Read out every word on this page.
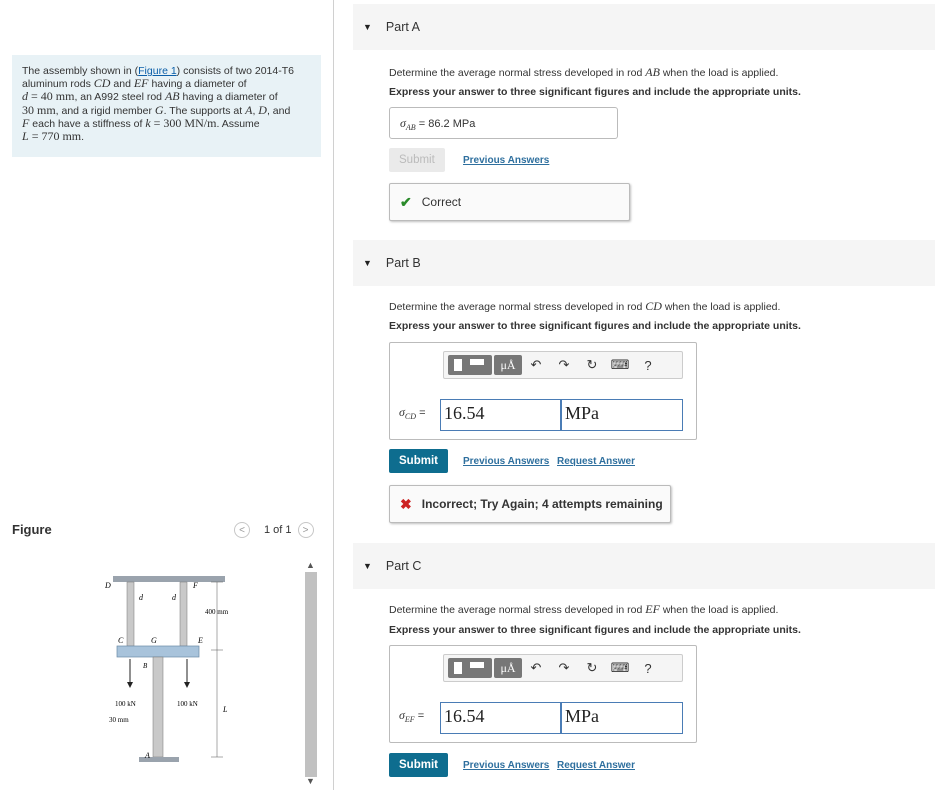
The assembly shown in (Figure 1) consists of two 2014-T6
aluminum rods CD and EF having a diameter of
d = 40 mm, an A992 steel rod AB having a diameter of
30 mm, and a rigid member G. The supports at A, D, and
F each have a stiffness of k = 300 MN/m. Assume
L = 770 mm.
Figure	<	1 of 1	>
D	F
d	d
400 mm
C	G	E
B
100 kN	100 kN
30 mm
L
A
▲
▼
▼ Part A
Determine the average normal stress developed in rod AB when the load is applied.
Express your answer to three significant figures and include the appropriate units.
$\sigma_{AB} = 86.2$ MPa
Submit	Previous Answers
✔ Correct
▼ Part B
Determine the average normal stress developed in rod CD when the load is applied.
Express your answer to three significant figures and include the appropriate units.
μÅ	↶	↷	↻	⌨	?
$\sigma_{CD} = 16.54$	MPa
Submit	Previous Answers Request Answer
✖ Incorrect; Try Again; 4 attempts remaining
▼ Part C
Determine the average normal stress developed in rod EF when the load is applied.
Express your answer to three significant figures and include the appropriate units.
μÅ	↶	↷	↻	⌨	?
$\sigma_{EF} = 16.54$	MPa
Submit	Previous Answers Request Answer
